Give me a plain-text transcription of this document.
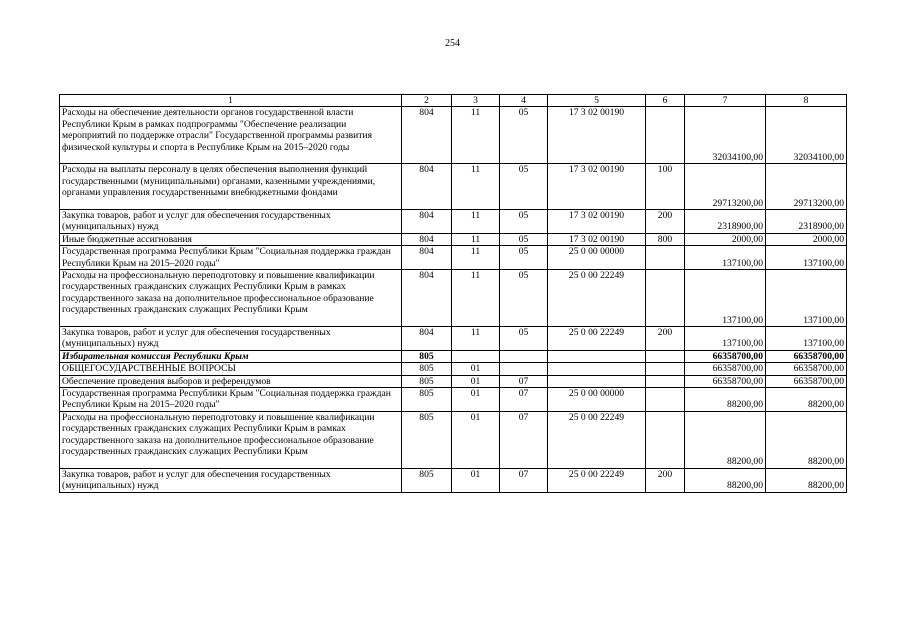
254
1	2	3	4	5	6	7	8
Расходы на обеспечение деятельности органов государственной власти Республики Крым в рамках подпрограммы "Обеспечение реализации мероприятий по поддержке отрасли" Государственной программы развития физической культуры и спорта в Республике Крым на 2015–2020 годы	804	11	05	17 3 02 00190		32034100,00	32034100,00
Расходы на выплаты персоналу в целях обеспечения выполнения функций государственными (муниципальными) органами, казенными учреждениями, органами управления государственными внебюджетными фондами	804	11	05	17 3 02 00190	100	29713200,00	29713200,00
Закупка товаров, работ и услуг для обеспечения государственных (муниципальных) нужд	804	11	05	17 3 02 00190	200	2318900,00	2318900,00
Иные бюджетные ассигнования	804	11	05	17 3 02 00190	800	2000,00	2000,00
Государственная программа Республики Крым "Социальная поддержка граждан Республики Крым на 2015–2020 годы"	804	11	05	25 0 00 00000		137100,00	137100,00
Расходы на профессиональную переподготовку и повышение квалификации государственных гражданских служащих Республики Крым в рамках государственного заказа на дополнительное профессиональное образование государственных гражданских служащих Республики Крым	804	11	05	25 0 00 22249		137100,00	137100,00
Закупка товаров, работ и услуг для обеспечения государственных (муниципальных) нужд	804	11	05	25 0 00 22249	200	137100,00	137100,00
Избирательная комиссия Республики Крым	805					66358700,00	66358700,00
ОБЩЕГОСУДАРСТВЕННЫЕ ВОПРОСЫ	805	01				66358700,00	66358700,00
Обеспечение проведения выборов и референдумов	805	01	07			66358700,00	66358700,00
Государственная программа Республики Крым "Социальная поддержка граждан Республики Крым на 2015–2020 годы"	805	01	07	25 0 00 00000		88200,00	88200,00
Расходы на профессиональную переподготовку и повышение квалификации государственных гражданских служащих Республики Крым в рамках государственного заказа на дополнительное профессиональное образование государственных гражданских служащих Республики Крым	805	01	07	25 0 00 22249		88200,00	88200,00
Закупка товаров, работ и услуг для обеспечения государственных (муниципальных) нужд	805	01	07	25 0 00 22249	200	88200,00	88200,00
